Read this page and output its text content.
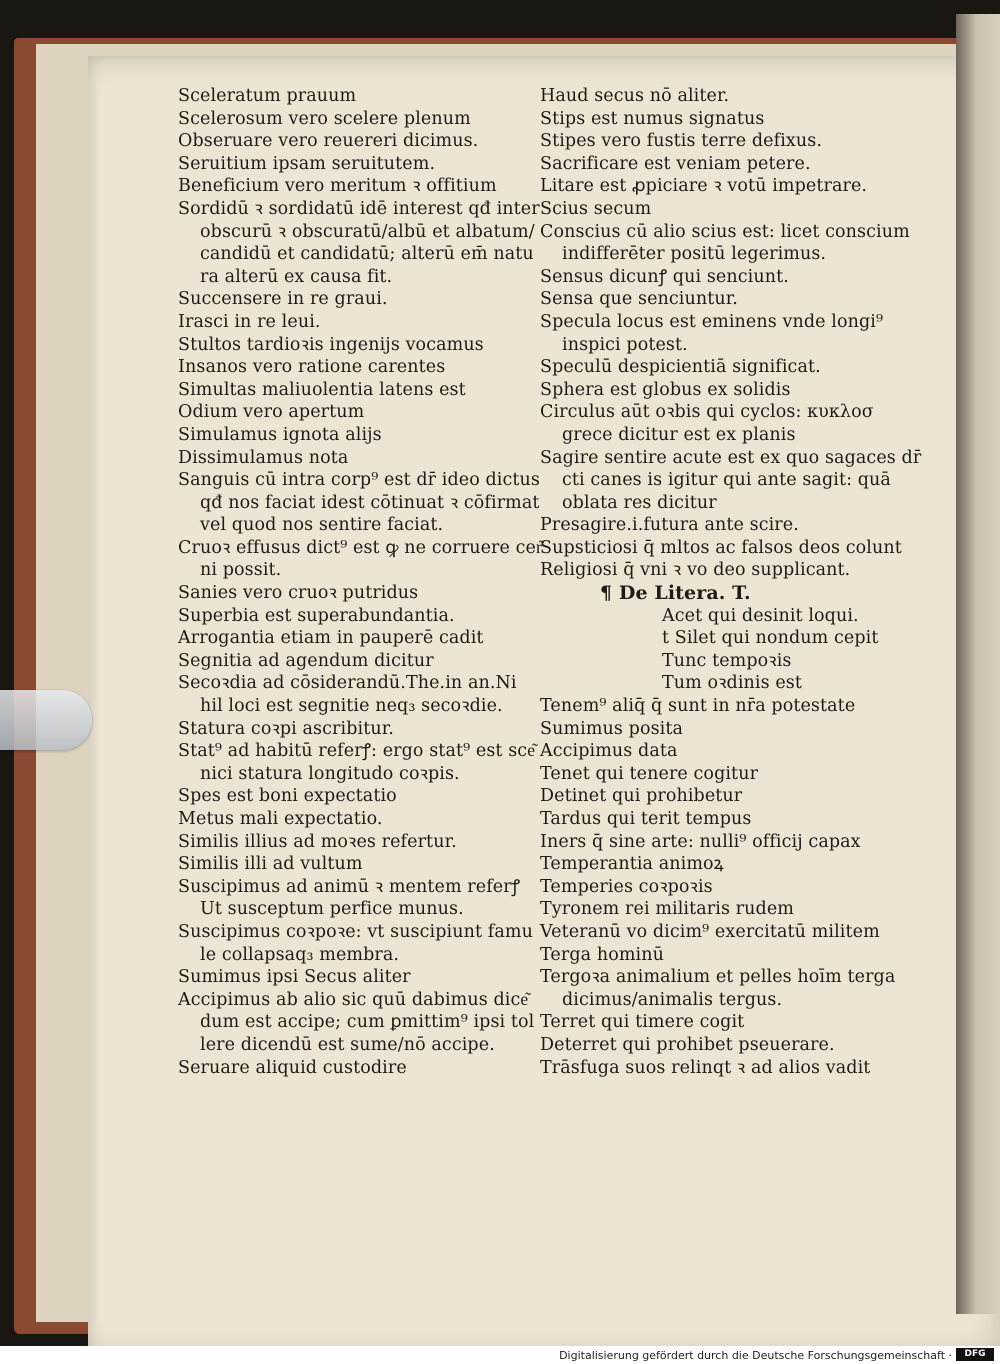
Sceleratum prauum
Scelerosum vero scelere plenum
Obseruare vero reuereri dicimus.
Seruitium ipsam seruitutem.
Beneficium vero meritum ꝛ offitium
Sordidū ꝛ sordidatū idē interest qđ inter
obscurū ꝛ obscuratū/albū et albatum/
candidū et candidatū; alterū em̄ natu
ra alterū ex causa fit.
Succensere in re graui.
Irasci in re leui.
Stultos tardioꝛis ingenijs vocamus
Insanos vero ratione carentes
Simultas maliuolentia latens est
Odium vero apertum
Simulamus ignota alijs
Dissimulamus nota
Sanguis cū intra corp⁹ est dr̄ ideo dictus
qđ nos faciat idest cōtinuat ꝛ cōfirmat
vel quod nos sentire faciat.
Cruoꝛ effusus dict⁹ est ꝙ ne corruere cer͂
ni possit.
Sanies vero cruoꝛ putridus
Superbia est superabundantia.
Arrogantia etiam in pauperē cadit
Segnitia ad agendum dicitur
Secoꝛdia ad cōsiderandū.The.in an.Ni
hil loci est segnitie neq₃ secoꝛdie.
Statura coꝛpi ascribitur.
Stat⁹ ad habitū referꝭ: ergo stat⁹ est sce͂
nici statura longitudo coꝛpis.
Spes est boni expectatio
Metus mali expectatio.
Similis illius ad moꝛes refertur.
Similis illi ad vultum
Suscipimus ad animū ꝛ mentem referꝭ
Ut susceptum perfice munus.
Suscipimus coꝛpoꝛe: vt suscipiunt famu
le collapsaq₃ membra.
Sumimus ipsi Secus aliter
Accipimus ab alio sic quū dabimus dice͂
dum est accipe; cum ꝑmittim⁹ ipsi tol
lere dicendū est sume/nō accipe.
Seruare aliquid custodire
Haud secus nō aliter.
Stips est numus signatus
Stipes vero fustis terre defixus.
Sacrificare est veniam petere.
Litare est ꝓpiciare ꝛ votū impetrare.
Scius secum
Conscius cū alio scius est: licet conscium
indifferēter positū legerimus.
Sensus dicunꝭ qui senciunt.
Sensa que senciuntur.
Specula locus est eminens vnde longi⁹
inspici potest.
Speculū despicientiā significat.
Sphera est globus ex solidis
Circulus aūt oꝛbis qui cyclos: κυκλοσ
grece dicitur est ex planis
Sagire sentire acute est ex quo sagaces dr̄
cti canes is igitur qui ante sagit: quā
oblata res dicitur
Presagire.i.futura ante scire.
Supsticiosi q̄ mltos ac falsos deos colunt
Religiosi q̄ vni ꝛ vo deo supplicant.
¶ De Litera. T.
Acet qui desinit loqui.
t Silet qui nondum cepit
Tunc tempoꝛis
Tum oꝛdinis est
Tenem⁹ aliq̄ q̄ sunt in nr̄a potestate
Sumimus posita
Accipimus data
Tenet qui tenere cogitur
Detinet qui prohibetur
Tardus qui terit tempus
Iners q̄ sine arte: nulli⁹ officij capax
Temperantia animoꝝ
Temperies coꝛpoꝛis
Tyronem rei militaris rudem
Veteranū vo dicim⁹ exercitatū militem
Terga hominū
Tergoꝛa animalium et pelles hoīm terga
dicimus/animalis tergus.
Terret qui timere cogit
Deterret qui prohibet pseuerare.
Trāsfuga suos relinqt ꝛ ad alios vadit
Digitalisierung gefördert durch die Deutsche Forschungsgemeinschaft ·	DFG
